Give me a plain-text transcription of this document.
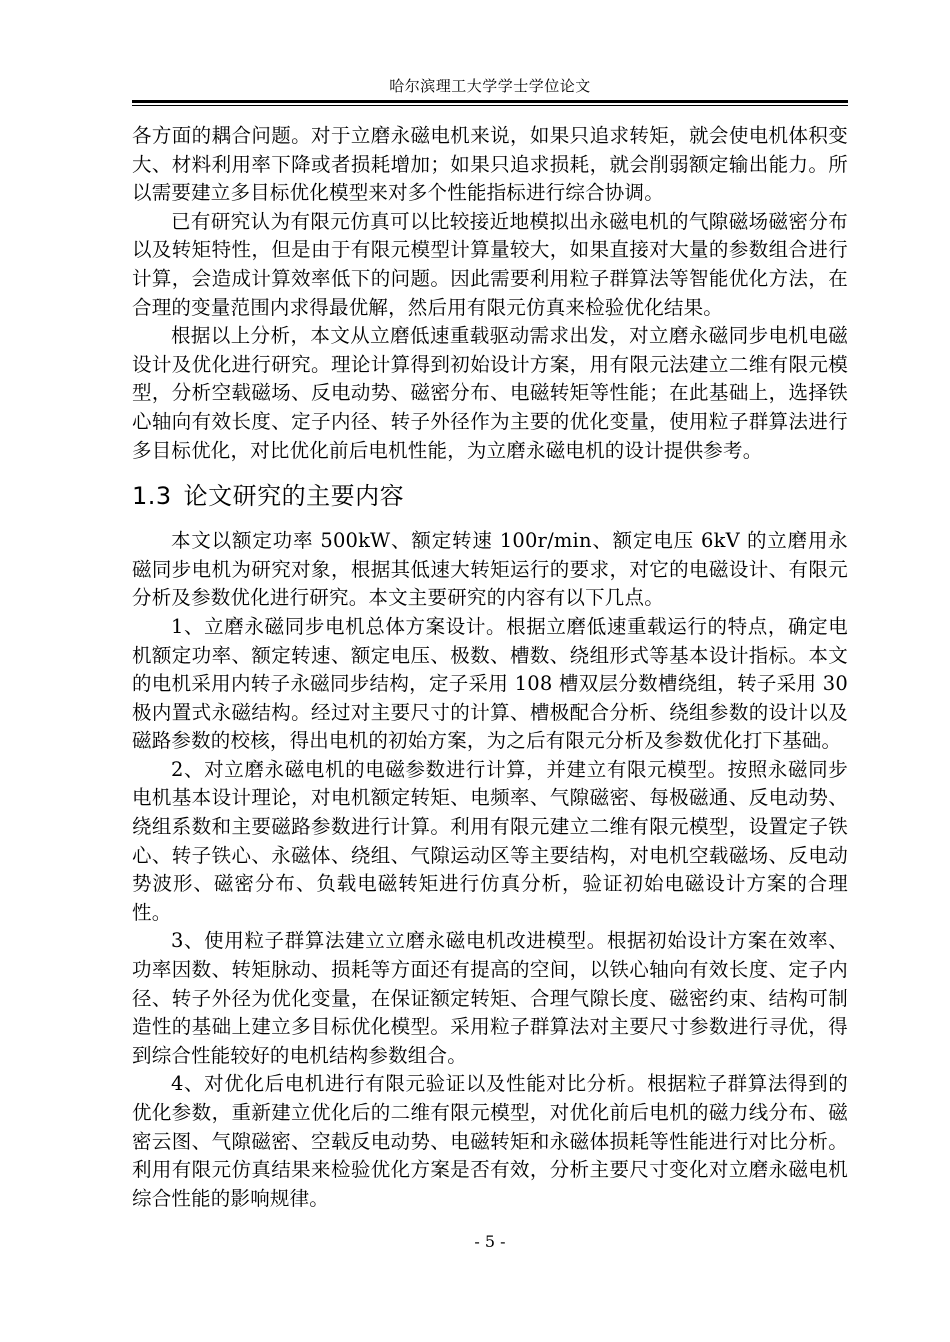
哈尔滨理工大学学士学位论文

各方面的耦合问题。对于立磨永磁电机来说，如果只追求转矩，就会使电机体积变大、材料利用率下降或者损耗增加；如果只追求损耗，就会削弱额定输出能力。所以需要建立多目标优化模型来对多个性能指标进行综合协调。

已有研究认为有限元仿真可以比较接近地模拟出永磁电机的气隙磁场磁密分布以及转矩特性，但是由于有限元模型计算量较大，如果直接对大量的参数组合进行计算，会造成计算效率低下的问题。因此需要利用粒子群算法等智能优化方法，在合理的变量范围内求得最优解，然后用有限元仿真来检验优化结果。

根据以上分析，本文从立磨低速重载驱动需求出发，对立磨永磁同步电机电磁设计及优化进行研究。理论计算得到初始设计方案，用有限元法建立二维有限元模型，分析空载磁场、反电动势、磁密分布、电磁转矩等性能；在此基础上，选择铁心轴向有效长度、定子内径、转子外径作为主要的优化变量，使用粒子群算法进行多目标优化，对比优化前后电机性能，为立磨永磁电机的设计提供参考。

1.3 论文研究的主要内容

本文以额定功率 500kW、额定转速 100r/min、额定电压 6kV 的立磨用永磁同步电机为研究对象，根据其低速大转矩运行的要求，对它的电磁设计、有限元分析及参数优化进行研究。本文主要研究的内容有以下几点。

1、立磨永磁同步电机总体方案设计。根据立磨低速重载运行的特点，确定电机额定功率、额定转速、额定电压、极数、槽数、绕组形式等基本设计指标。本文的电机采用内转子永磁同步结构，定子采用 108 槽双层分数槽绕组，转子采用 30 极内置式永磁结构。经过对主要尺寸的计算、槽极配合分析、绕组参数的设计以及磁路参数的校核，得出电机的初始方案，为之后有限元分析及参数优化打下基础。

2、对立磨永磁电机的电磁参数进行计算，并建立有限元模型。按照永磁同步电机基本设计理论，对电机额定转矩、电频率、气隙磁密、每极磁通、反电动势、绕组系数和主要磁路参数进行计算。利用有限元建立二维有限元模型，设置定子铁心、转子铁心、永磁体、绕组、气隙运动区等主要结构，对电机空载磁场、反电动势波形、磁密分布、负载电磁转矩进行仿真分析，验证初始电磁设计方案的合理性。

3、使用粒子群算法建立立磨永磁电机改进模型。根据初始设计方案在效率、功率因数、转矩脉动、损耗等方面还有提高的空间，以铁心轴向有效长度、定子内径、转子外径为优化变量，在保证额定转矩、合理气隙长度、磁密约束、结构可制造性的基础上建立多目标优化模型。采用粒子群算法对主要尺寸参数进行寻优，得到综合性能较好的电机结构参数组合。

4、对优化后电机进行有限元验证以及性能对比分析。根据粒子群算法得到的优化参数，重新建立优化后的二维有限元模型，对优化前后电机的磁力线分布、磁密云图、气隙磁密、空载反电动势、电磁转矩和永磁体损耗等性能进行对比分析。利用有限元仿真结果来检验优化方案是否有效，分析主要尺寸变化对立磨永磁电机综合性能的影响规律。

- 5 -
